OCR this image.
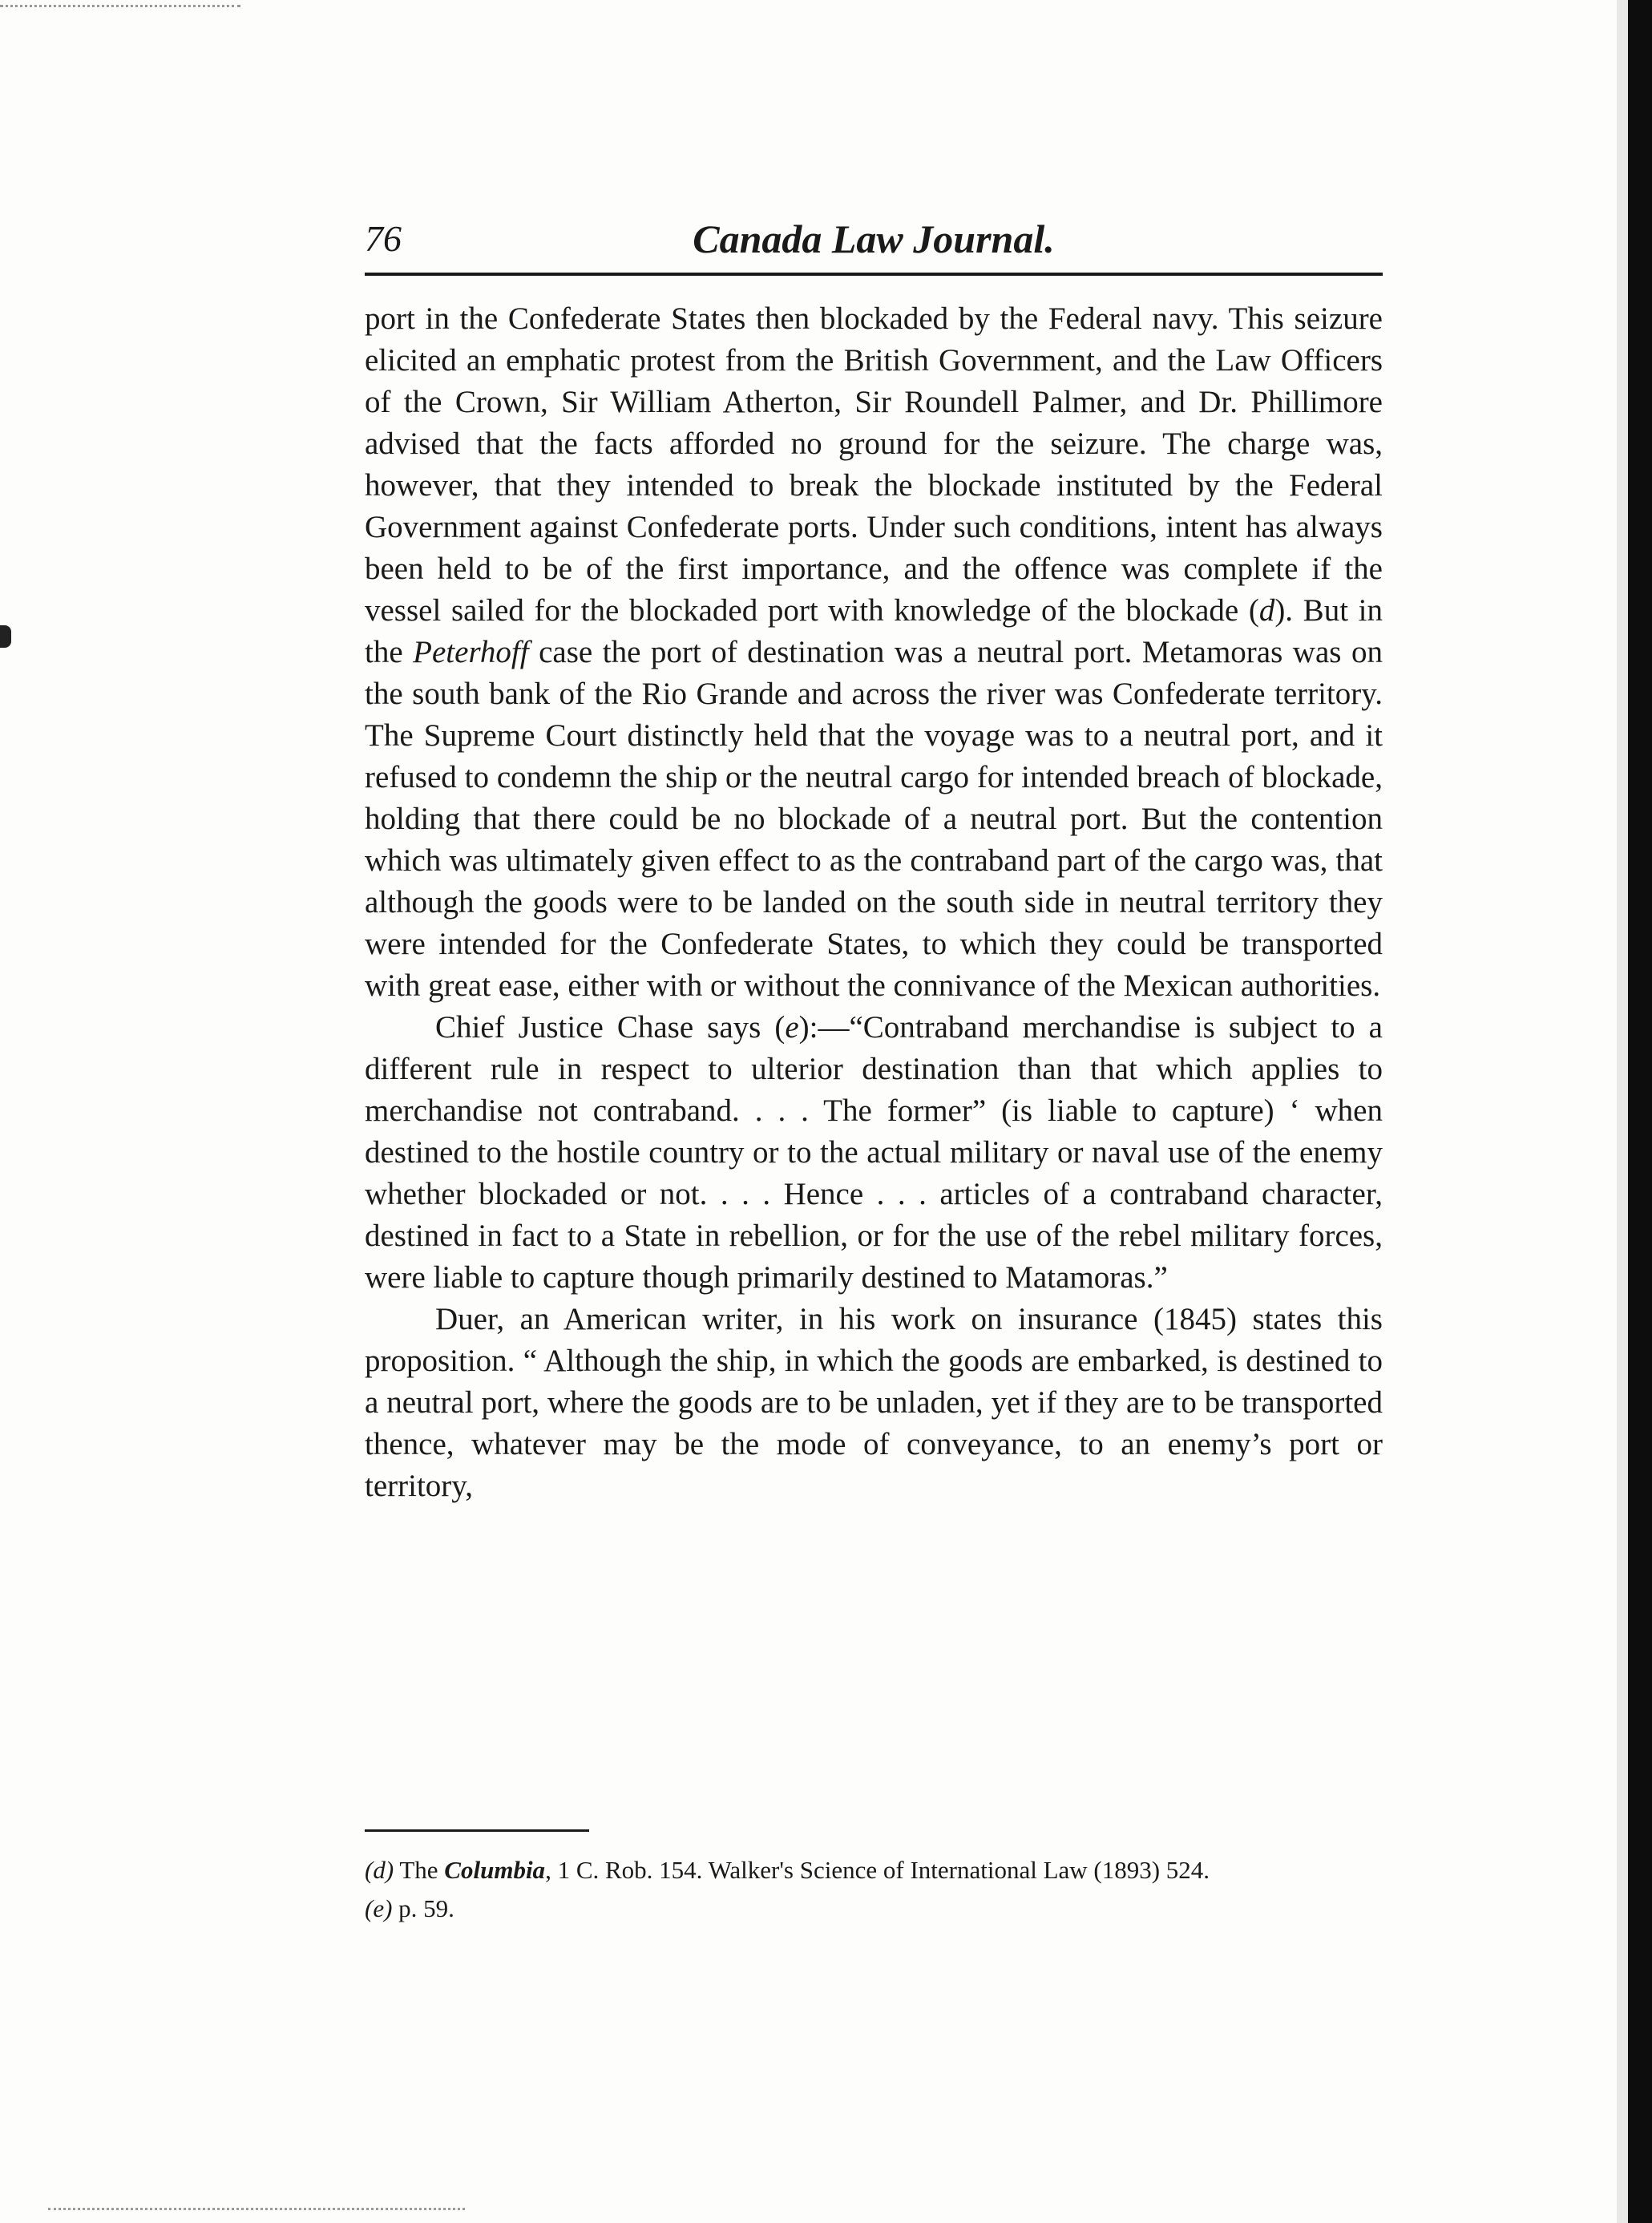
76	Canada Law Journal.

port in the Confederate States then blockaded by the Federal navy. This seizure elicited an emphatic protest from the British Government, and the Law Officers of the Crown, Sir William Atherton, Sir Roundell Palmer, and Dr. Phillimore advised that the facts afforded no ground for the seizure. The charge was, however, that they intended to break the blockade instituted by the Federal Government against Confederate ports. Under such conditions, intent has always been held to be of the first importance, and the offence was complete if the vessel sailed for the blockaded port with knowledge of the blockade (d). But in the Peterhoff case the port of destination was a neutral port. Metamoras was on the south bank of the Rio Grande and across the river was Confederate territory. The Supreme Court distinctly held that the voyage was to a neutral port, and it refused to condemn the ship or the neutral cargo for intended breach of blockade, holding that there could be no blockade of a neutral port. But the contention which was ultimately given effect to as the contraband part of the cargo was, that although the goods were to be landed on the south side in neutral territory they were intended for the Confederate States, to which they could be transported with great ease, either with or without the connivance of the Mexican authorities.

Chief Justice Chase says (e):—“Contraband merchandise is subject to a different rule in respect to ulterior destination than that which applies to merchandise not contraband. . . . The former” (is liable to capture) ‘ when destined to the hostile country or to the actual military or naval use of the enemy whether blockaded or not. . . . Hence . . . articles of a contraband character, destined in fact to a State in rebellion, or for the use of the rebel military forces, were liable to capture though primarily destined to Matamoras.”

Duer, an American writer, in his work on insurance (1845) states this proposition. “ Although the ship, in which the goods are embarked, is destined to a neutral port, where the goods are to be unladen, yet if they are to be transported thence, whatever may be the mode of conveyance, to an enemy’s port or territory,

(d) The Columbia, 1 C. Rob. 154. Walker's Science of International Law (1893) 524.

(e) p. 59.
